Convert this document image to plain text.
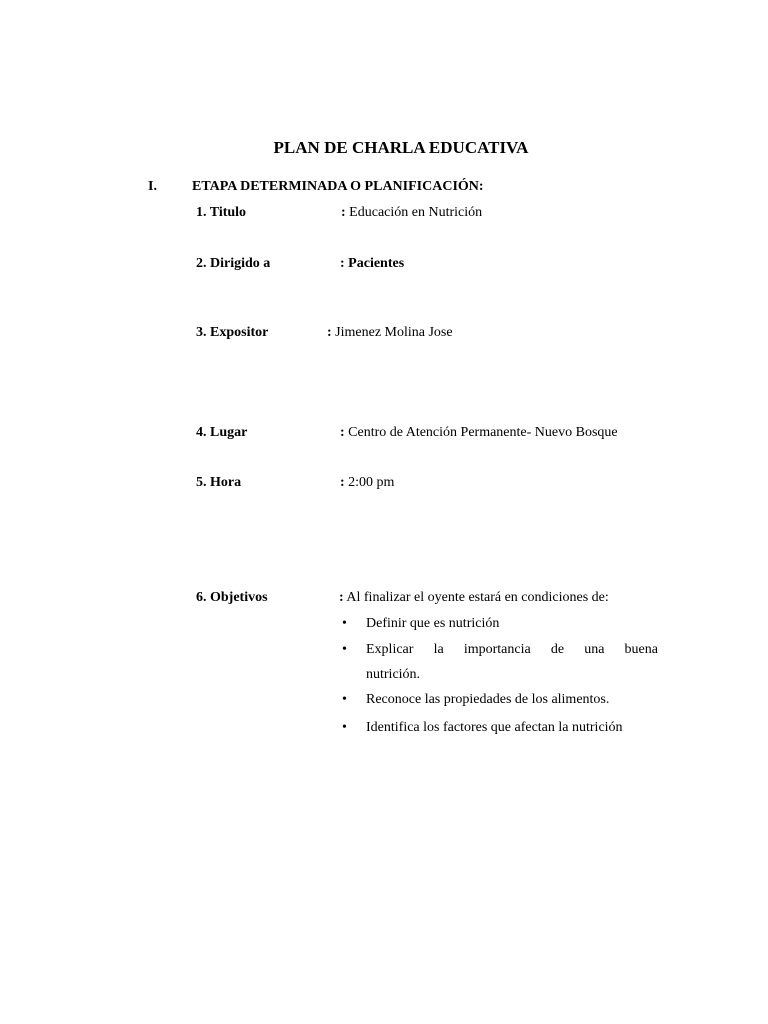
PLAN DE CHARLA EDUCATIVA
I.	ETAPA DETERMINADA O PLANIFICACIÓN:
1. Titulo	: Educación en Nutrición
2. Dirigido a	: Pacientes
3. Expositor	: Jimenez Molina Jose
4. Lugar	: Centro de Atención Permanente- Nuevo Bosque
5. Hora	: 2:00 pm
6. Objetivos	: Al finalizar el oyente estará en condiciones de:
• Definir que es nutrición
• Explicar la importancia de una buena
nutrición.
• Reconoce las propiedades de los alimentos.
• Identifica los factores que afectan la nutrición
